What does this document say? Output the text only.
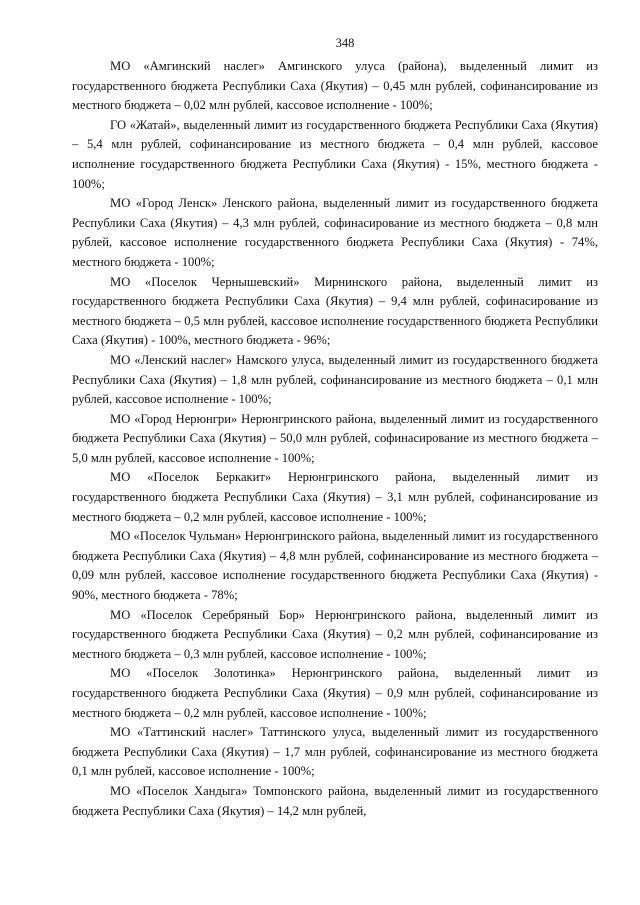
348

МО «Амгинский наслег» Амгинского улуса (района), выделенный лимит из государственного бюджета Республики Саха (Якутия) – 0,45 млн рублей, софинансирование из местного бюджета – 0,02 млн рублей, кассовое исполнение - 100%;

ГО «Жатай», выделенный лимит из государственного бюджета Республики Саха (Якутия) – 5,4 млн рублей, софинансирование из местного бюджета – 0,4 млн рублей, кассовое исполнение государственного бюджета Республики Саха (Якутия) - 15%, местного бюджета - 100%;

МО «Город Ленск» Ленского района, выделенный лимит из государственного бюджета Республики Саха (Якутия) – 4,3 млн рублей, софинасирование из местного бюджета – 0,8 млн рублей, кассовое исполнение государственного бюджета Республики Саха (Якутия) - 74%, местного бюджета - 100%;

МО «Поселок Чернышевский» Мирнинского района, выделенный лимит из государственного бюджета Республики Саха (Якутия) – 9,4 млн рублей, софинасирование из местного бюджета – 0,5 млн рублей, кассовое исполнение государственного бюджета Республики Саха (Якутия) - 100%, местного бюджета - 96%;

МО «Ленский наслег» Намского улуса, выделенный лимит из государственного бюджета Республики Саха (Якутия) – 1,8 млн рублей, софинансирование из местного бюджета – 0,1 млн рублей, кассовое исполнение - 100%;

МО «Город Нерюнгри» Нерюнгринского района, выделенный лимит из государственного бюджета Республики Саха (Якутия) – 50,0 млн рублей, софинасирование из местного бюджета – 5,0 млн рублей, кассовое исполнение - 100%;

МО «Поселок Беркакит» Нерюнгринского района, выделенный лимит из государственного бюджета Республики Саха (Якутия) – 3,1 млн рублей, софинансирование из местного бюджета – 0,2 млн рублей, кассовое исполнение - 100%;

МО «Поселок Чульман» Нерюнгринского района, выделенный лимит из государственного бюджета Республики Саха (Якутия) – 4,8 млн рублей, софинансирование из местного бюджета – 0,09 млн рублей, кассовое исполнение государственного бюджета Республики Саха (Якутия) - 90%, местного бюджета - 78%;

МО «Поселок Серебряный Бор» Нерюнгринского района, выделенный лимит из государственного бюджета Республики Саха (Якутия) – 0,2 млн рублей, софинансирование из местного бюджета – 0,3 млн рублей, кассовое исполнение - 100%;

МО «Поселок Золотинка» Нерюнгринского района, выделенный лимит из государственного бюджета Республики Саха (Якутия) – 0,9 млн рублей, софинансирование из местного бюджета – 0,2 млн рублей, кассовое исполнение - 100%;

МО «Таттинский наслег» Таттинского улуса, выделенный лимит из государственного бюджета Республики Саха (Якутия) – 1,7 млн рублей, софинансирование из местного бюджета 0,1 млн рублей, кассовое исполнение - 100%;

МО «Поселок Хандыга» Томпонского района, выделенный лимит из государственного бюджета Республики Саха (Якутия) – 14,2 млн рублей,
